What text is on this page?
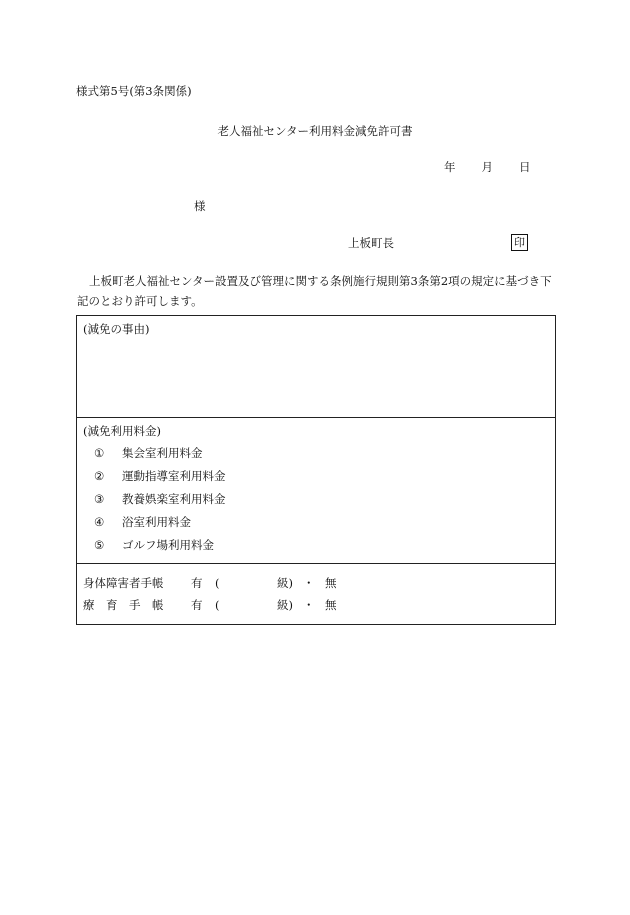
様式第5号(第3条関係)
老人福祉センター利用料金減免許可書
年 月 日
様
上板町長	印
上板町老人福祉センター設置及び管理に関する条例施行規則第3条第2項の規定に基づき下記のとおり許可します。
(減免の事由)
(減免利用料金)
① 集会室利用料金
② 運動指導室利用料金
③ 教養娯楽室利用料金
④ 浴室利用料金
⑤ ゴルフ場利用料金
身体障害者手帳 有 (	級) ・ 無
療　育　手　帳 有 (	級) ・ 無
